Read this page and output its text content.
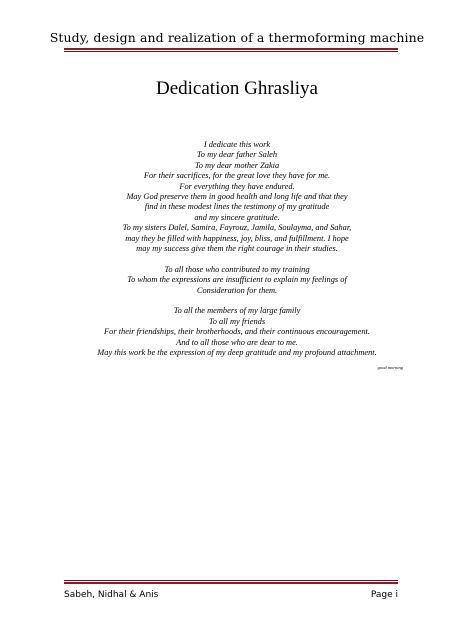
Study, design and realization of a thermoforming machine
Dedication Ghrasliya
I dedicate this work
To my dear father Saleh
To my dear mother Zakia
For their sacrifices, for the great love they have for me.
For everything they have endured.
May God preserve them in good health and long life and that they
find in these modest lines the testimony of my gratitude
and my sincere gratitude.
To my sisters Dalel, Samira, Fayrouz, Jamila, Soulayma, and Sahar,
may they be filled with happiness, joy, bliss, and fulfillment. I hope
may my success give them the right courage in their studies.
To all those who contributed to my training
To whom the expressions are insufficient to explain my feelings of
Consideration for them.
To all the members of my large family
To all my friends
For their friendships, their brotherhoods, and their continuous encouragement.
And to all those who are dear to me.
May this work be the expression of my deep gratitude and my profound attachment.
good morning
Sabeh, Nidhal & Anis	Page i
